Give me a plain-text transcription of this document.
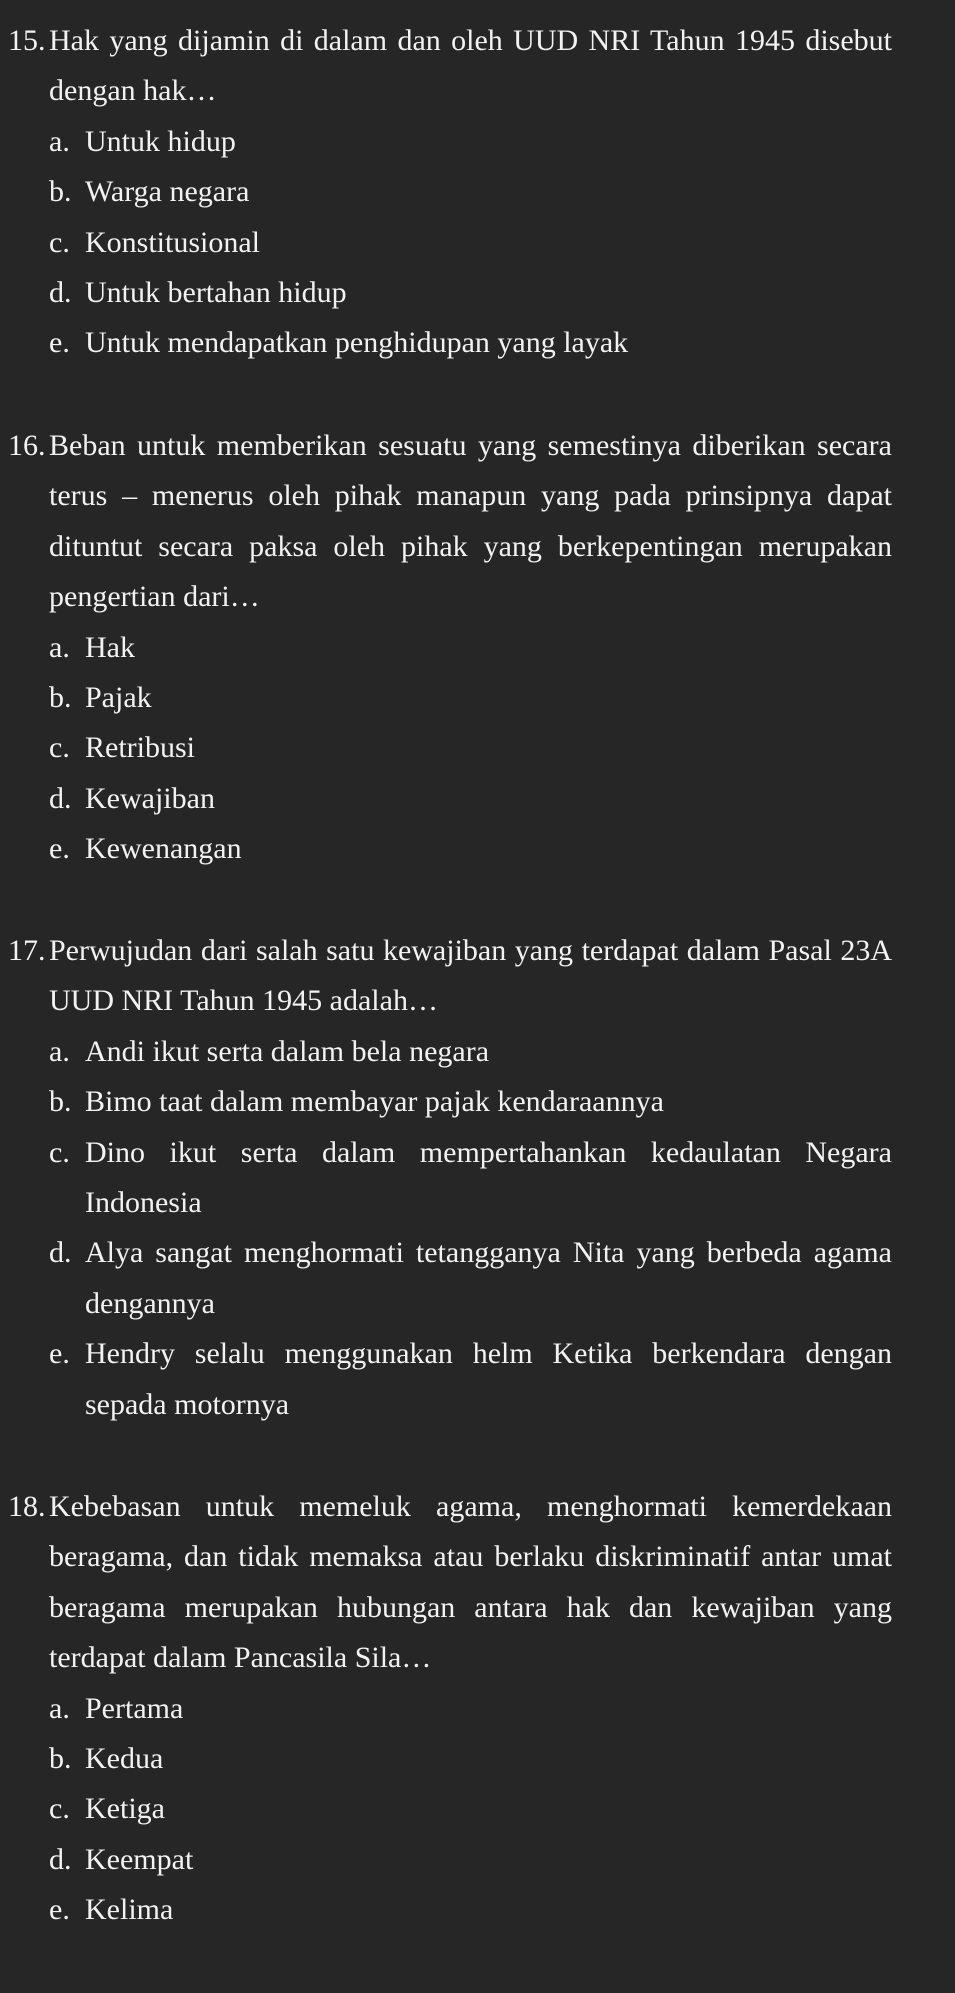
15. Hak yang dijamin di dalam dan oleh UUD NRI Tahun 1945 disebut dengan hak…
a. Untuk hidup
b. Warga negara
c. Konstitusional
d. Untuk bertahan hidup
e. Untuk mendapatkan penghidupan yang layak
16. Beban untuk memberikan sesuatu yang semestinya diberikan secara terus – menerus oleh pihak manapun yang pada prinsipnya dapat dituntut secara paksa oleh pihak yang berkepentingan merupakan pengertian dari…
a. Hak
b. Pajak
c. Retribusi
d. Kewajiban
e. Kewenangan
17. Perwujudan dari salah satu kewajiban yang terdapat dalam Pasal 23A UUD NRI Tahun 1945 adalah…
a. Andi ikut serta dalam bela negara
b. Bimo taat dalam membayar pajak kendaraannya
c. Dino ikut serta dalam mempertahankan kedaulatan Negara Indonesia
d. Alya sangat menghormati tetangganya Nita yang berbeda agama dengannya
e. Hendry selalu menggunakan helm Ketika berkendara dengan sepada motornya
18. Kebebasan untuk memeluk agama, menghormati kemerdekaan beragama, dan tidak memaksa atau berlaku diskriminatif antar umat beragama merupakan hubungan antara hak dan kewajiban yang terdapat dalam Pancasila Sila…
a. Pertama
b. Kedua
c. Ketiga
d. Keempat
e. Kelima
